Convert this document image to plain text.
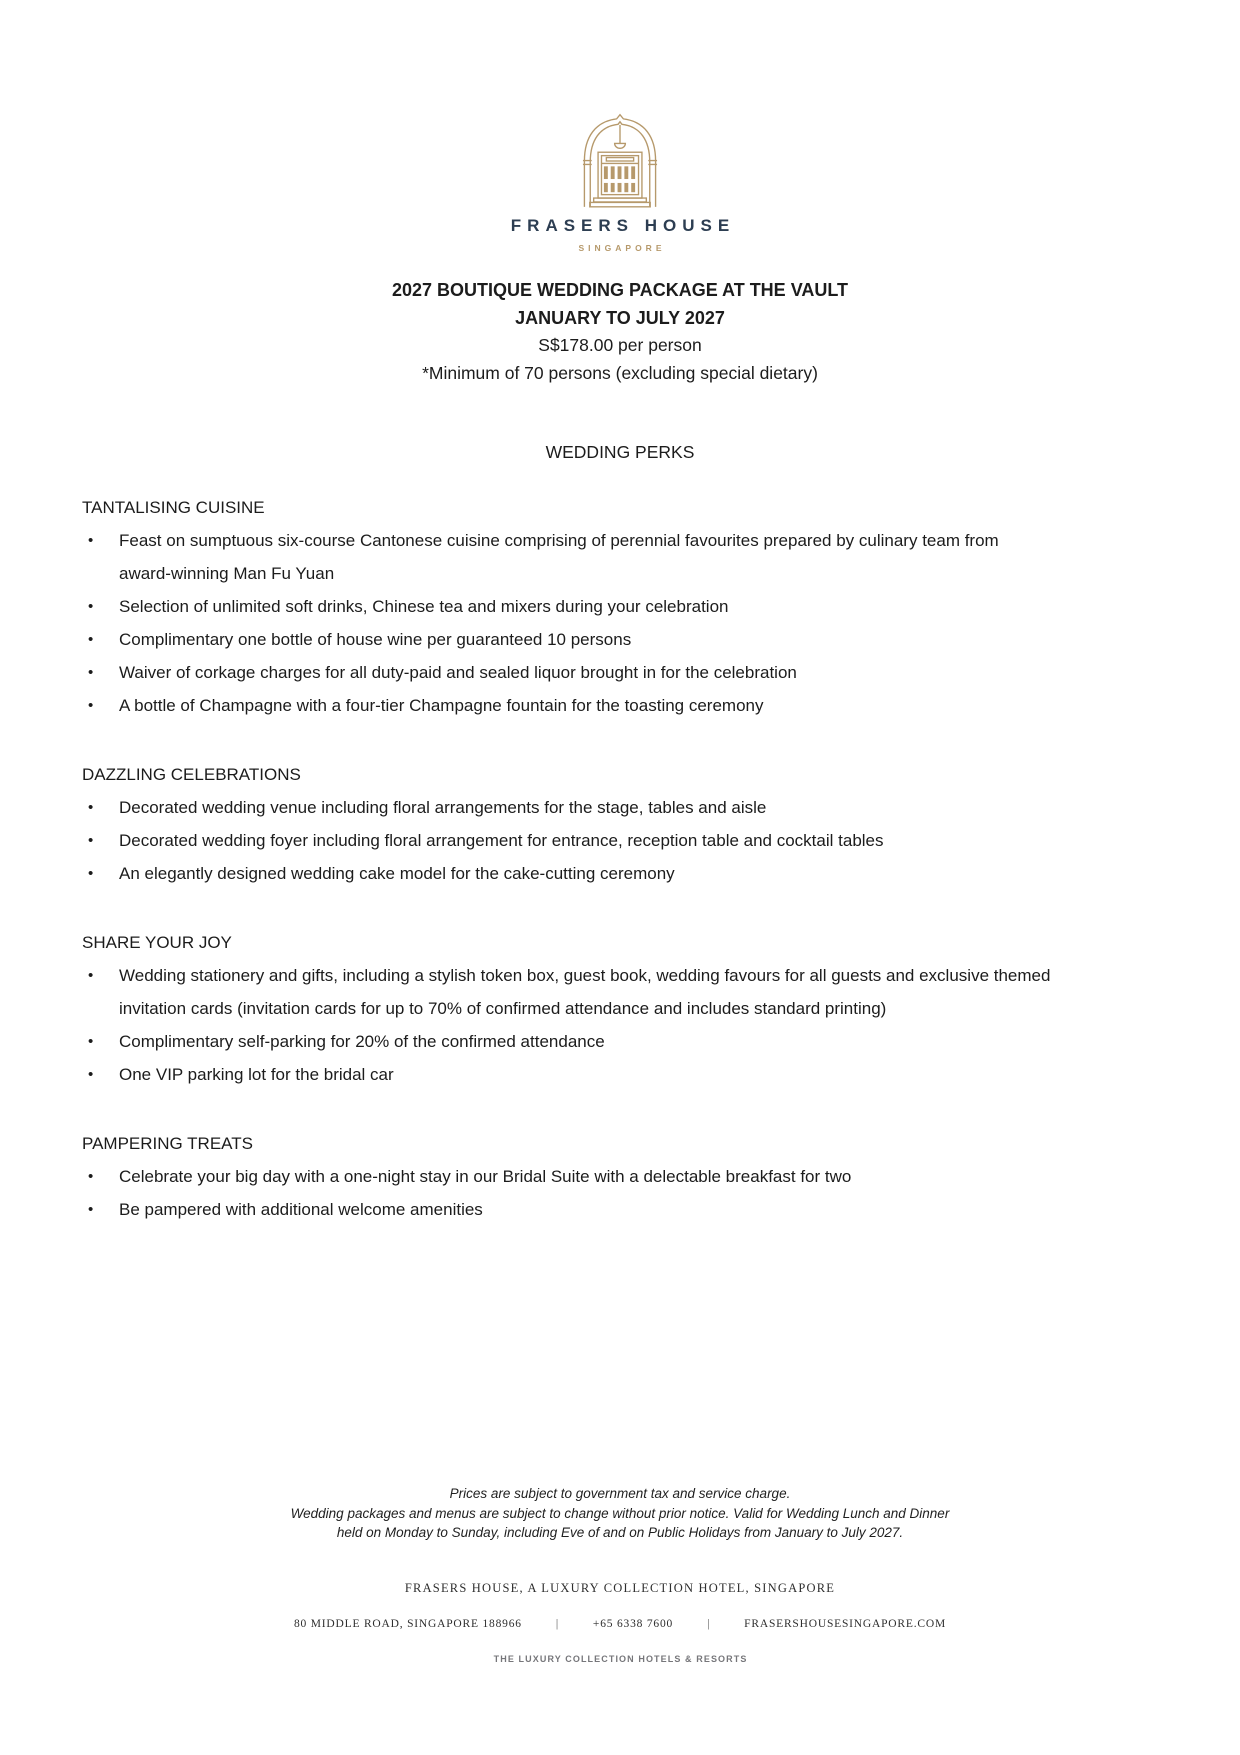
FRASERS HOUSE
SINGAPORE
2027 BOUTIQUE WEDDING PACKAGE AT THE VAULT
JANUARY TO JULY 2027
S$178.00 per person
*Minimum of 70 persons (excluding special dietary)
WEDDING PERKS
TANTALISING CUISINE
• Feast on sumptuous six-course Cantonese cuisine comprising of perennial favourites prepared by culinary team from
award-winning Man Fu Yuan
• Selection of unlimited soft drinks, Chinese tea and mixers during your celebration
• Complimentary one bottle of house wine per guaranteed 10 persons
• Waiver of corkage charges for all duty-paid and sealed liquor brought in for the celebration
• A bottle of Champagne with a four-tier Champagne fountain for the toasting ceremony
DAZZLING CELEBRATIONS
• Decorated wedding venue including floral arrangements for the stage, tables and aisle
• Decorated wedding foyer including floral arrangement for entrance, reception table and cocktail tables
• An elegantly designed wedding cake model for the cake-cutting ceremony
SHARE YOUR JOY
• Wedding stationery and gifts, including a stylish token box, guest book, wedding favours for all guests and exclusive themed
invitation cards (invitation cards for up to 70% of confirmed attendance and includes standard printing)
• Complimentary self-parking for 20% of the confirmed attendance
• One VIP parking lot for the bridal car
PAMPERING TREATS
• Celebrate your big day with a one-night stay in our Bridal Suite with a delectable breakfast for two
• Be pampered with additional welcome amenities
Prices are subject to government tax and service charge.
Wedding packages and menus are subject to change without prior notice. Valid for Wedding Lunch and Dinner
held on Monday to Sunday, including Eve of and on Public Holidays from January to July 2027.
FRASERS HOUSE, A LUXURY COLLECTION HOTEL, SINGAPORE
80 MIDDLE ROAD, SINGAPORE 188966	|	+65 6338 7600	|	FRASERSHOUSESINGAPORE.COM
THE LUXURY COLLECTION HOTELS & RESORTS
